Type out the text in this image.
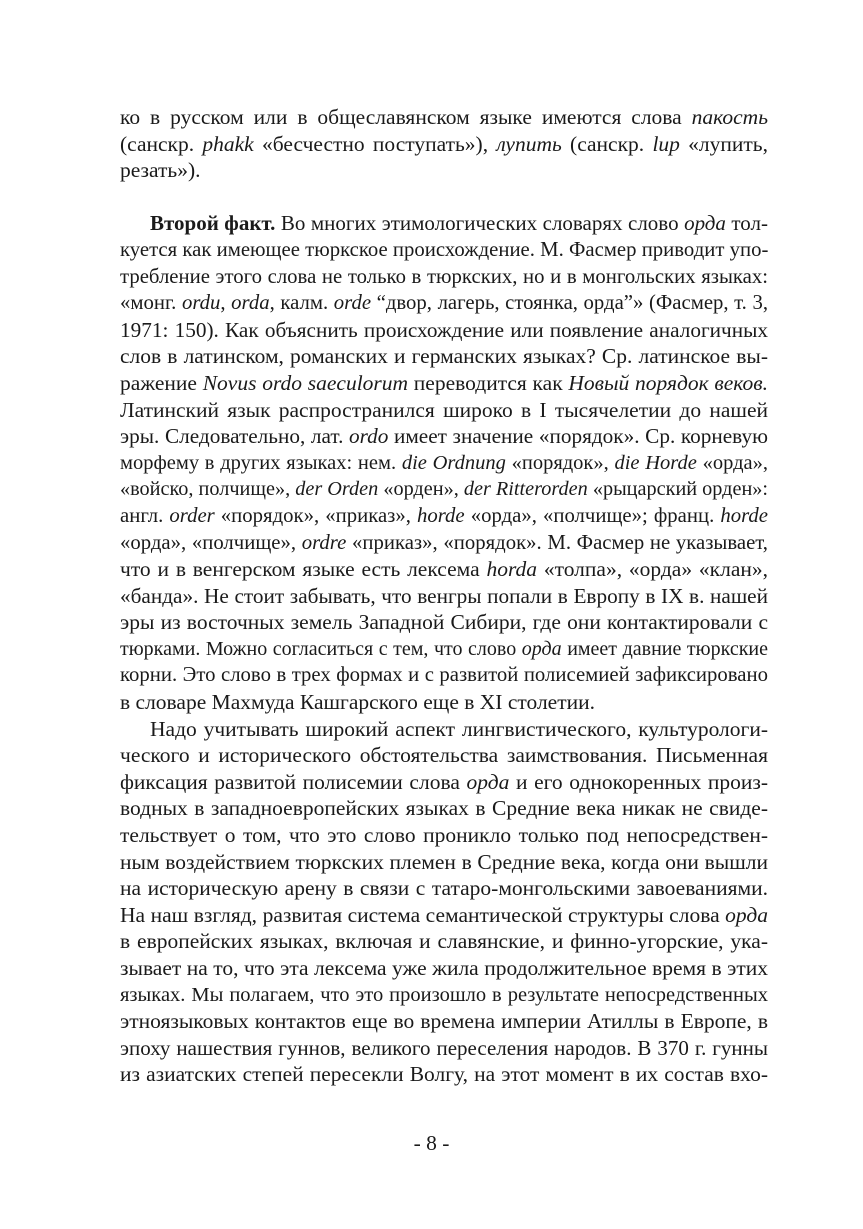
ко в русском или в общеславянском языке имеются слова пакость
(санскр. phakk «бесчестно поступать»), лупить (санскр. lup «лупить,
резать»).
Второй факт. Во многих этимологических словарях слово орда тол-
куется как имеющее тюркское происхождение. М. Фасмер приводит упо-
требление этого слова не только в тюркских, но и в монгольских языках:
«монг. ordu, orda, калм. orde “двор, лагерь, стоянка, орда”» (Фасмер, т. 3,
1971: 150). Как объяснить происхождение или появление аналогичных
слов в латинском, романских и германских языках? Ср. латинское вы-
ражение Novus ordo saeculorum переводится как Новый порядок веков.
Латинский язык распространился широко в I тысячелетии до нашей
эры. Следовательно, лат. ordo имеет значение «порядок». Ср. корневую
морфему в других языках: нем. die Ordnung «порядок», die Horde «орда»,
«войско, полчище», der Orden «орден», der Ritterorden «рыцарский орден»:
англ. order «порядок», «приказ», horde «орда», «полчище»; франц. horde
«орда», «полчище», ordre «приказ», «порядок». М. Фасмер не указывает,
что и в венгерском языке есть лексема horda «толпа», «орда» «клан»,
«банда». Не стоит забывать, что венгры попали в Европу в IX в. нашей
эры из восточных земель Западной Сибири, где они контактировали с
тюрками. Можно согласиться с тем, что слово орда имеет давние тюркские
корни. Это слово в трех формах и с развитой полисемией зафиксировано
в словаре Махмуда Кашгарского еще в XI столетии.
Надо учитывать широкий аспект лингвистического, культурологи-
ческого и исторического обстоятельства заимствования. Письменная
фиксация развитой полисемии слова орда и его однокоренных произ-
водных в западноевропейских языках в Средние века никак не свиде-
тельствует о том, что это слово проникло только под непосредствен-
ным воздействием тюркских племен в Средние века, когда они вышли
на историческую арену в связи с татаро-монгольскими завоеваниями.
На наш взгляд, развитая система семантической структуры слова орда
в европейских языках, включая и славянские, и финно-угорские, ука-
зывает на то, что эта лексема уже жила продолжительное время в этих
языках. Мы полагаем, что это произошло в результате непосредственных
этноязыковых контактов еще во времена империи Атиллы в Европе, в
эпоху нашествия гуннов, великого переселения народов. В 370 г. гунны
из азиатских степей пересекли Волгу, на этот момент в их состав вхо-
- 8 -
